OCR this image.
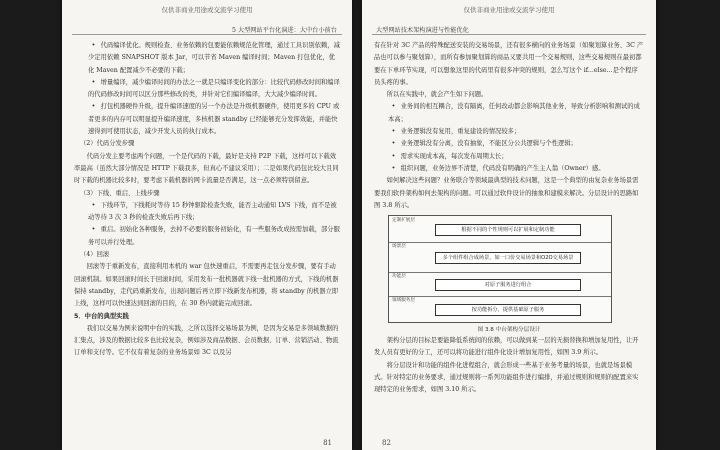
仅供非商业用途或交流学习使用
5 大型网站平台化演进：大中台小前台

• 代码编译优化。规则检查、业务依赖的包要能依赖规范化管理，通过工具识别依赖，减少定用依赖 SNAPSHOT 版本 Jar，可以节省 Maven 编译时间；Maven 打包优化，优化 Maven 配置减少不必要的下载；

• 增量编译，减少编译时间的办法之一就是只编译变化的部分：比较代码修改时间和编译的代码修改时间可以区分那些修改的类，并针对它们编译编译，大大减少编译时间。

• 打包机器硬件升级，提升编译速度的另一个办法是升级机器硬件，使用更多的 CPU 或者更多的内存可以明显提升编译速度，多核机器 standby 已经能够充分发挥效能，并能快速得到可使用状态，减少开发人员的执行成本。

（2）代码分发步骤

代码分发主要考虑两个问题，一个是代码的下载，最好是支持 P2P 下载，这样可以下载效率最高（虽然大部分情况是 HTTP 下载我多，但真心不建议采用）；二是如果代码包比较大且同时下载的机器比较多时，要考虑下载机器的网卡流量是否满足，这一点必须特别留意。

（3）下线、重启、上线步骤

• 下线环节，下线耗时等待 15 秒钟驱除检查失败，能否主动通知 LVS 下线，而不是被动等待 3 次 3 秒的检查失败后再下线；

• 重启。初始化各种服务，去掉不必要的服务初始化，有一些服务改成按需加载，部分服务可以并行处理。

（4）回滚

回滚等于重新发布，直接利用本机的 war 包快速重启，不需要再走包分发步骤，要有手动回滚机制。如果回滚时间长于回滚时间，采用发布一批机器就下线一批机器的方式，下线的机器保持 standby，走代码重新发布，出现问题后再立即下线新发布机器，将 standby 的机器立即上线，这样可以快速达到回滚的目的，在 30 秒内就能完成回滚。

5．中台的典型实践

我们以交易为例来说明中台的实践，之所以选择交易场景为例，是因为交易是多领域数据的汇集点，涉及的数据比较多也比较复杂，例如涉及商品数据、会员数据、订单、营销活动、物流订单和支付等。它不仅有着复杂的业务场景如 3C 以及另

81
仅供非商业用途或交流学习使用
大型网站技术架构演进与性能优化

有在针对 3C 产品的特殊配送安装的交易场景，还有很多横向的业务场景（如聚划算业务、3C 产品也可以参与聚划算），而所有参加聚划算的商品又要共用一个交易规则，这些交易规则在最初都要在下单环节实现，可以想象这里的代码里有很多冲突的规则，怎么写这个 if...else...是个程序员头疼的事。

所以在实践中，就会产生如下问题。

• 业务间的相互耦合，没有隔离，任何改动都会影响其他业务，导致分析影响和测试的成本高；

• 业务逻辑没有复用，重复建设的情况较多；

• 业务逻辑没有分离，没有抽象，不能区分公共逻辑与个性逻辑；

• 需求实现成本高，每次发布周期太长；

• 组织问题，业务边界不清楚，代码没有明确的产生主人翁（Owner）感。

如何解决这些问题？业务联合等领域最典型的技术问题，这是一个典型的由复杂业务场景需要我们软件架构如何去架构的问题。可以通过软件设计的抽象和建模来解决。分层设计的思路如图 3.8 所示。

定制扩展层
根据不同的个性规则可以扩展和定制功能
场景层
多个组件组合成场景，如一口价交易场景和O2O交易场景
功能层
对原子服务进行组合
领域服务层
按功能拆分，提供基础原子服务
图 3.8 中台架构分层设计

架构分层的目标是要能降低系统间的依赖，可以做到某一层的无损替换和增加复用性，让开发人员有更好的分工，还可以将功能进行组件化设计增加复用性，如图 3.9 所示。

将分层设计和功能的组件化进程组合，就会形成一些基于业务考量的场景，也就是场景模式。针对特定的业务要求，通过规则将一系列功能组件进行编排，并通过规则和规则的配置来实现特定的业务需求，如图 3.10 所示。

82
